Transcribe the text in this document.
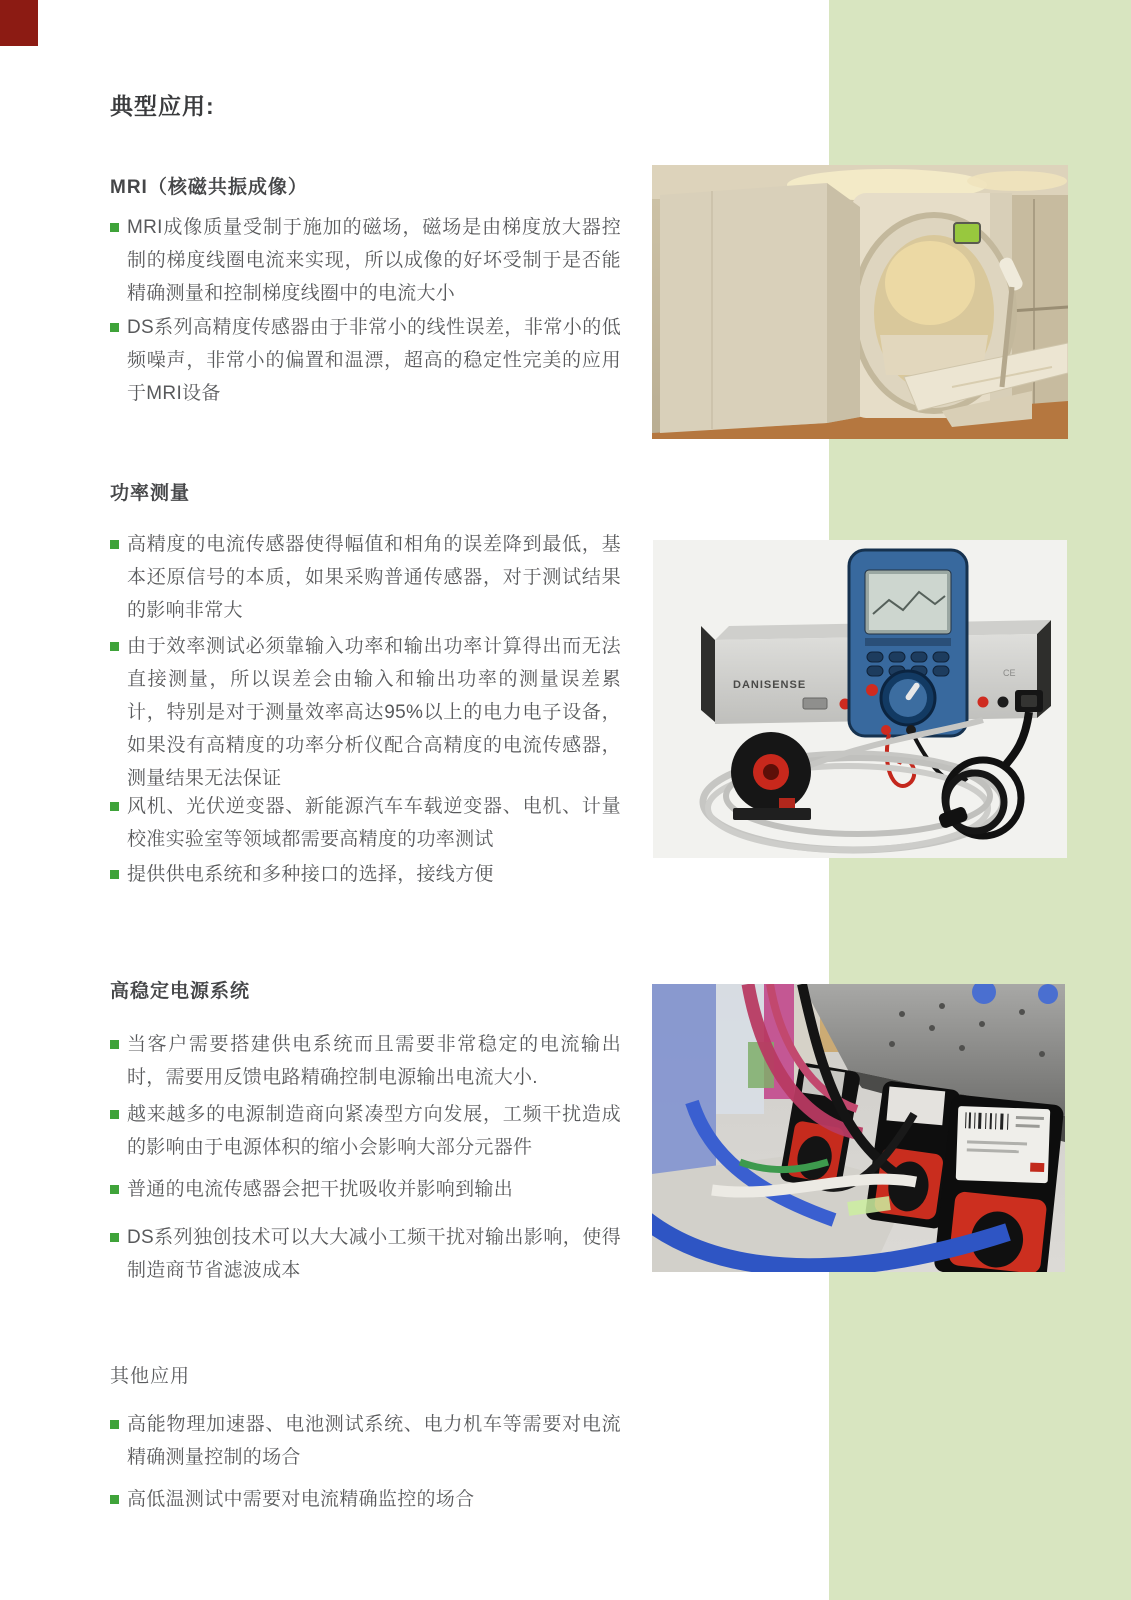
典型应用:
MRI（核磁共振成像）
MRI成像质量受制于施加的磁场，磁场是由梯度放大器控制的梯度线圈电流来实现，所以成像的好坏受制于是否能精确测量和控制梯度线圈中的电流大小
DS系列高精度传感器由于非常小的线性误差，非常小的低频噪声，非常小的偏置和温漂，超高的稳定性完美的应用于MRI设备
功率测量
高精度的电流传感器使得幅值和相角的误差降到最低，基本还原信号的本质，如果采购普通传感器，对于测试结果的影响非常大
由于效率测试必须靠输入功率和输出功率计算得出而无法直接测量，所以误差会由输入和输出功率的测量误差累计，特别是对于测量效率高达95%以上的电力电子设备，如果没有高精度的功率分析仪配合高精度的电流传感器，测量结果无法保证
风机、光伏逆变器、新能源汽车车载逆变器、电机、计量校准实验室等领域都需要高精度的功率测试
提供供电系统和多种接口的选择，接线方便
高稳定电源系统
当客户需要搭建供电系统而且需要非常稳定的电流输出时，需要用反馈电路精确控制电源输出电流大小.
越来越多的电源制造商向紧凑型方向发展，工频干扰造成的影响由于电源体积的缩小会影响大部分元器件
普通的电流传感器会把干扰吸收并影响到输出
DS系列独创技术可以大大减小工频干扰对输出影响，使得制造商节省滤波成本
其他应用
高能物理加速器、电池测试系统、电力机车等需要对电流精确测量控制的场合
高低温测试中需要对电流精确监控的场合
DANISENSE
CE
